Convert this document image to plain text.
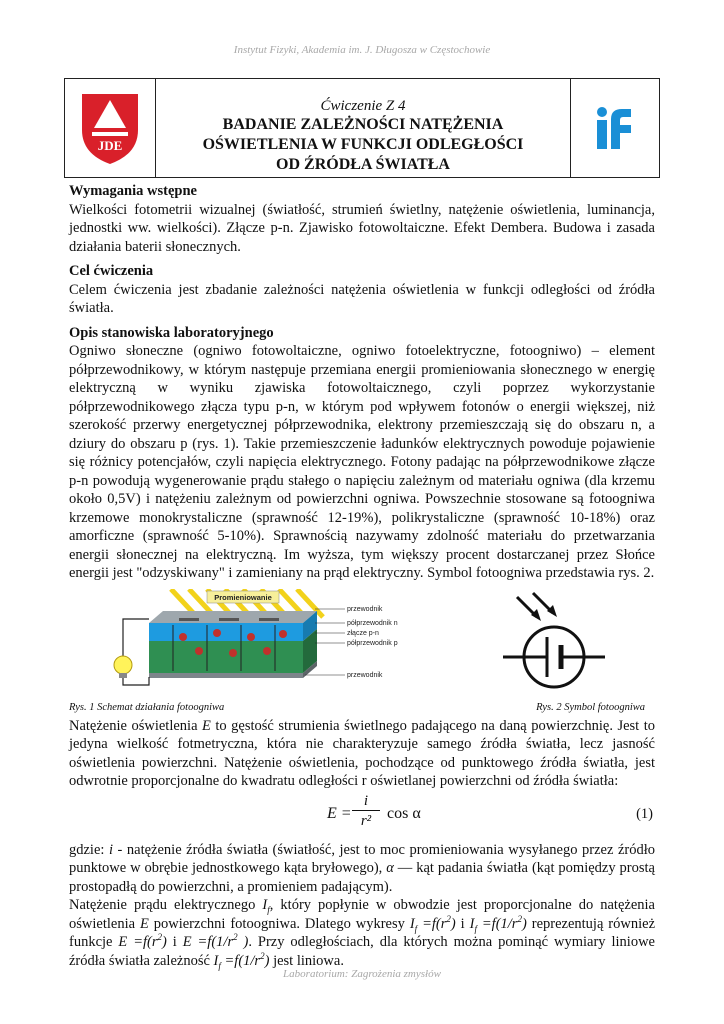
Instytut Fizyki, Akademia im. J. Długosza w Częstochowie
JDE
Ćwiczenie Z 4
BADANIE ZALEŻNOŚCI NATĘŻENIA
OŚWIETLENIA W FUNKCJI ODLEGŁOŚCI
OD ŹRÓDŁA ŚWIATŁA
Wymagania wstępne

Wielkości fotometrii wizualnej (światłość, strumień świetlny, natężenie oświetlenia, luminancja, jednostki ww. wielkości). Złącze p-n. Zjawisko fotowoltaiczne. Efekt Dembera. Budowa i zasada działania baterii słonecznych.

Cel ćwiczenia

Celem ćwiczenia jest zbadanie zależności natężenia oświetlenia w funkcji odległości od źródła światła.

Opis stanowiska laboratoryjnego

Ogniwo słoneczne (ogniwo fotowoltaiczne, ogniwo fotoelektryczne, fotoogniwo) – element półprzewodnikowy, w którym następuje przemiana energii promieniowania słonecznego w energię elektryczną w wyniku zjawiska fotowoltaicznego, czyli poprzez wykorzystanie półprzewodnikowego złącza typu p-n, w którym pod wpływem fotonów o energii większej, niż szerokość przerwy energetycznej półprzewodnika, elektrony przemieszczają się do obszaru n, a dziury do obszaru p (rys. 1). Takie przemieszczenie ładunków elektrycznych powoduje pojawienie się różnicy potencjałów, czyli napięcia elektrycznego. Fotony padając na półprzewodnikowe złącze p-n powodują wygenerowanie prądu stałego o napięciu zależnym od materiału ogniwa (dla krzemu około 0,5V) i natężeniu zależnym od powierzchni ogniwa. Powszechnie stosowane są fotoogniwa krzemowe monokrystaliczne (sprawność 12-19%), polikrystaliczne (sprawność 10-18%) oraz amorficzne (sprawność 5-10%). Sprawnością nazywamy zdolność materiału do przetwarzania energii słonecznej na elektryczną. Im wyższa, tym większy procent dostarczanej przez Słońce energii jest "odzyskiwany" i zamieniany na prąd elektryczny. Symbol fotoogniwa przedstawia rys. 2.

Promieniowanie
przewodnik
półprzewodnik n
złącze p-n
półprzewodnik p
przewodnik
Rys. 1 Schemat działania fotoogniwa	Rys. 2 Symbol fotoogniwa

Natężenie oświetlenia E to gęstość strumienia świetlnego padającego na daną powierzchnię. Jest to jedyna wielkość fotmetryczna, która nie charakteryzuje samego źródła światła, lecz jasność oświetlenia powierzchni. Natężenie oświetlenia, pochodzące od punktowego źródła światła, jest odwrotnie proporcjonalne do kwadratu odległości r oświetlanej powierzchni od źródła światła:

E =
i
r² cos α	(1)

gdzie: i - natężenie źródła światła (światłość, jest to moc promieniowania wysyłanego przez źródło punktowe w obrębie jednostkowego kąta bryłowego), α — kąt padania światła (kąt pomiędzy prostą prostopadłą do powierzchni, a promieniem padającym).

Natężenie prądu elektrycznego $I_f$, który popłynie w obwodzie jest proporcjonalne do natężenia oświetlenia E powierzchni fotoogniwa. Dlatego wykresy $I_f =f(r^2)$ i $I_f =f(1/r^2)$ reprezentują również funkcje $E =f(r^2)$ i $E =f(1/r^2$ ). Przy odległościach, dla których można pominąć wymiary liniowe źródła światła zależność $I_f =f(1/r^2)$ jest liniowa.

Laboratorium: Zagrożenia zmysłów
